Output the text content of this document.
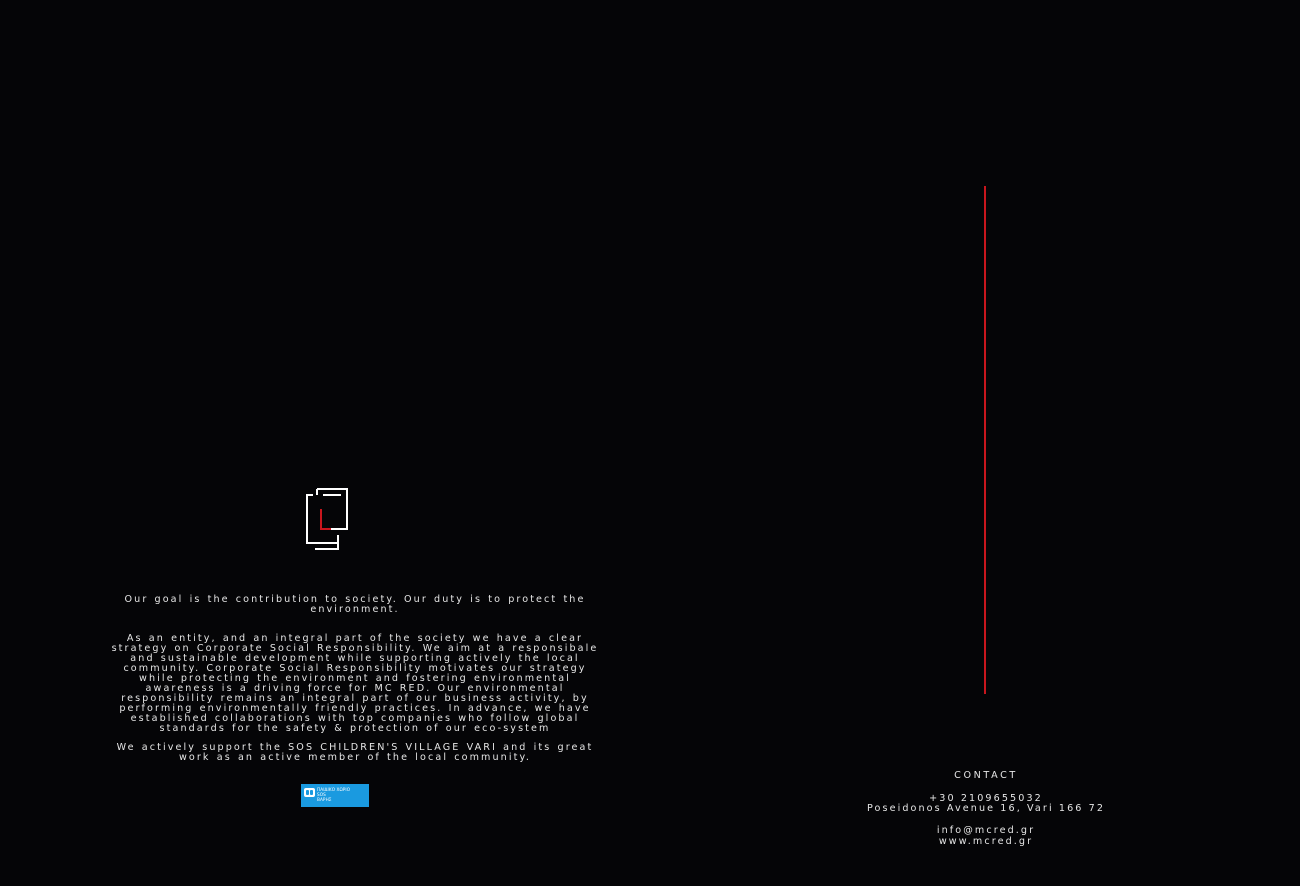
Our goal is the contribution to society. Our duty is to protect the environment.
As an entity, and an integral part of the society we have a clear strategy on Corporate Social Responsibility. We aim at a responsibale and sustainable development while supporting actively the local community. Corporate Social Responsibility motivates our strategy while protecting the environment and fostering environmental awareness is a driving force for MC RED. Our environmental responsibility remains an integral part of our business activity, by performing environmentally friendly practices. In advance, we have established collaborations with top companies who follow global standards for the safety & protection of our eco-system
We actively support the SOS CHILDREN'S VILLAGE VARI and its great work as an active member of the local community.
ΠΑΙΔΙΚΟ ΧΩΡΙΟ
SOS
ΒΑΡΗΣ
CONTACT
+30 2109655032
Poseidonos Avenue 16, Vari 166 72
info@mcred.gr
www.mcred.gr
